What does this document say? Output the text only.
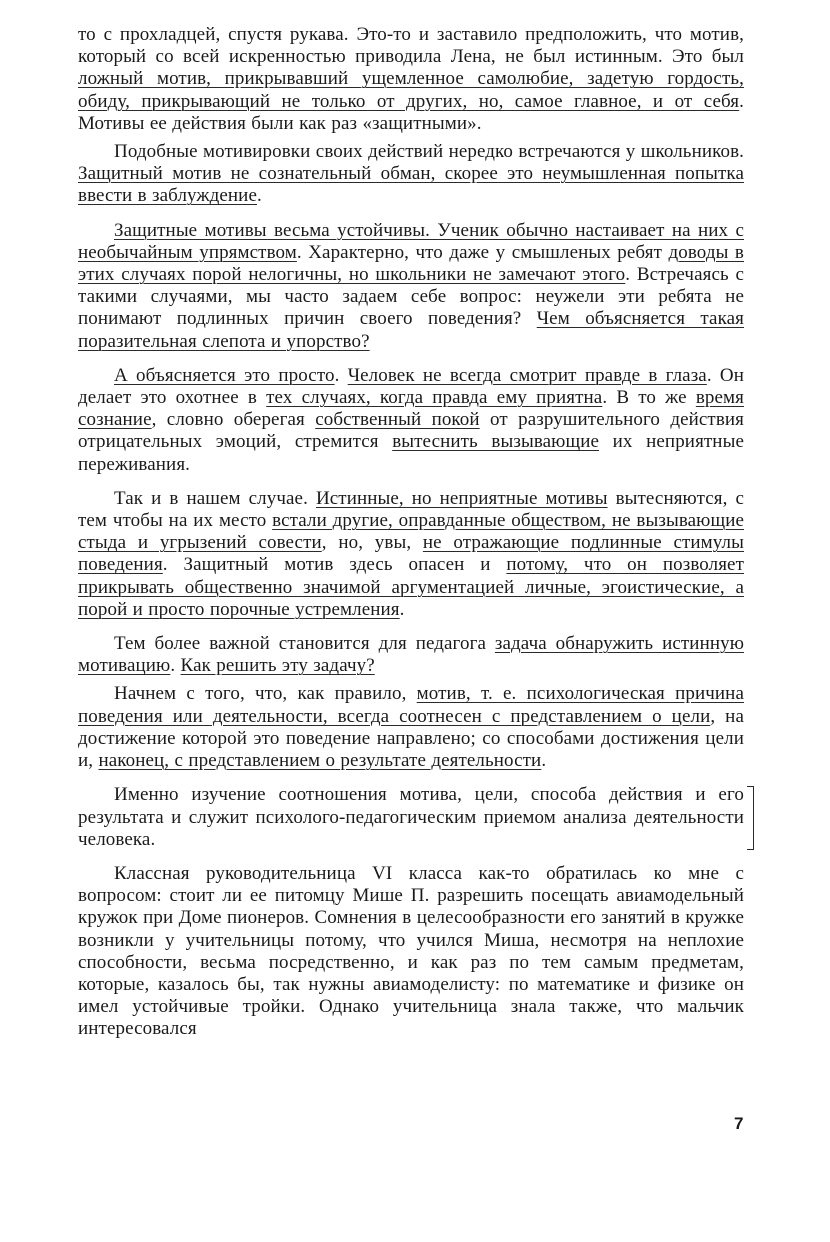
то с прохладцей, спустя рукава. Это-то и заставило предположить, что мотив, который со всей искренностью приводила Лена, не был истинным. Это был ложный мотив, прикрывавший ущемленное самолюбие, задетую гордость, обиду, прикрывающий не только от других, но, самое главное, и от себя. Мотивы ее действия были как раз «защитными».

Подобные мотивировки своих действий нередко встречаются у школьников. Защитный мотив не сознательный обман, скорее это неумышленная попытка ввести в заблуждение.

Защитные мотивы весьма устойчивы. Ученик обычно настаивает на них с необычайным упрямством. Характерно, что даже у смышленых ребят доводы в этих случаях порой нелогичны, но школьники не замечают этого. Встречаясь с такими случаями, мы часто задаем себе вопрос: неужели эти ребята не понимают подлинных причин своего поведения? Чем объясняется такая поразительная слепота и упорство?

А объясняется это просто. Человек не всегда смотрит правде в глаза. Он делает это охотнее в тех случаях, когда правда ему приятна. В то же время сознание, словно оберегая собственный покой от разрушительного действия отрицательных эмоций, стремится вытеснить вызывающие их неприятные переживания.

Так и в нашем случае. Истинные, но неприятные мотивы вытесняются, с тем чтобы на их место встали другие, оправданные общеcтвом, не вызывающие стыда и угрызений совести, но, увы, не отражающие подлинные стимулы поведения. Защитный мотив здесь опасен и потому, что он позволяет прикрывать общественно значимой аргументацией личные, эгоистические, а порой и просто порочные устремления.

Тем более важной становится для педагога задача обнаружить истинную мотивацию. Как решить эту задачу?

Начнем с того, что, как правило, мотив, т. е. психологическая причина поведения или деятельности, всегда соотнесен с представлением о цели, на достижение которой это поведение направлено; со способами достижения цели и, наконец, с представлением о результате деятельности.

Именно изучение соотношения мотива, цели, способа действия и его результата и служит психолого-педагогическим приемом анализа деятельности человека.

Классная руководительница VI класса как-то обратилась ко мне с вопросом: стоит ли ее питомцу Мише П. разрешить посещать авиамодельный кружок при Доме пионеров. Сомнения в целесообразности его занятий в кружке возникли у учительницы потому, что учился Миша, несмотря на неплохие способности, весьма посредственно, и как раз по тем самым предметам, которые, казалось бы, так нужны авиамоделисту: по математике и физике он имел устойчивые тройки. Однако учительница знала также, что мальчик интересовался

7
